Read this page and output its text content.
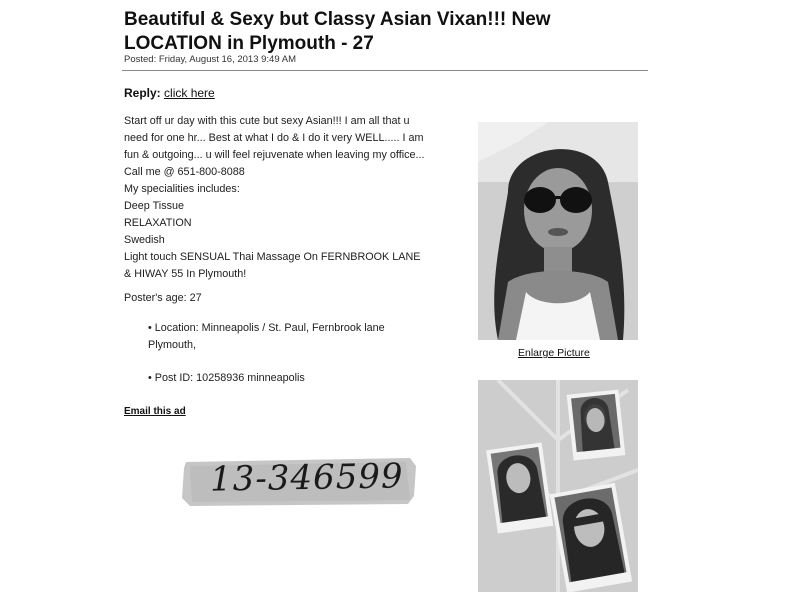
Beautiful & Sexy but Classy Asian Vixan!!! New
LOCATION in Plymouth - 27
Posted: Friday, August 16, 2013 9:49 AM
Reply: click here
Start off ur day with this cute but sexy Asian!!! I am all that u
need for one hr... Best at what I do & I do it very WELL..... I am
fun & outgoing... u will feel rejuvenate when leaving my office...
Call me @ 651-800-8088
My specialities includes:
Deep Tissue
RELAXATION
Swedish
Light touch SENSUAL Thai Massage On FERNBROOK LANE
& HIWAY 55 In Plymouth!
Poster's age: 27
• Location: Minneapolis / St. Paul, Fernbrook lane
Plymouth,
• Post ID: 10258936 minneapolis
Email this ad
Enlarge Picture
13-346599
